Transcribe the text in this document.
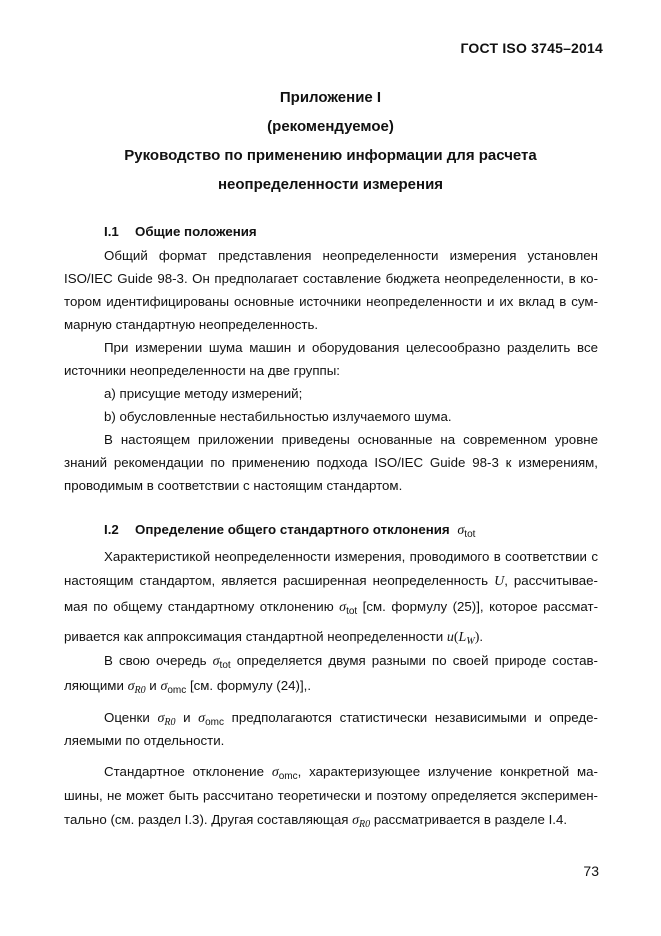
ГОСТ ISO 3745–2014
Приложение I
(рекомендуемое)
Руководство по применению информации для расчета
неопределенности измерения
I.1 Общие положения
Общий формат представления неопределенности измерения установлен
ISO/IEC Guide 98-3. Он предполагает составление бюджета неопределенности, в ко-
тором идентифицированы основные источники неопределенности и их вклад в сум-
марную стандартную неопределенность.
При измерении шума машин и оборудования целесообразно разделить все
источники неопределенности на две группы:
а) присущие методу измерений;
b) обусловленные нестабильностью излучаемого шума.
В настоящем приложении приведены основанные на современном уровне
знаний рекомендации по применению подхода ISO/IEC Guide 98-3 к измерениям,
проводимым в соответствии с настоящим стандартом.
I.2 Определение общего стандартного отклонения $\sigma_{tot}$
Характеристикой неопределенности измерения, проводимого в соответствии с
настоящим стандартом, является расширенная неопределенность U, рассчитывае-
мая по общему стандартному отклонению $\sigma_{tot}$ [см. формулу (25)], которое рассмат-
ривается как аппроксимация стандартной неопределенности $u(L_W)$.
В свою очередь $\sigma_{tot}$ определяется двумя разными по своей природе состав-
ляющими $\sigma_{R0}$ и $\sigma_{omc}$ [см. формулу (24)],.
Оценки $\sigma_{R0}$ и $\sigma_{omc}$ предполагаются статистически независимыми и опреде-
ляемыми по отдельности.
Стандартное отклонение $\sigma_{omc}$, характеризующее излучение конкретной ма-
шины, не может быть рассчитано теоретически и поэтому определяется эксперимен-
тально (см. раздел I.3). Другая составляющая $\sigma_{R0}$ рассматривается в разделе I.4.
73
